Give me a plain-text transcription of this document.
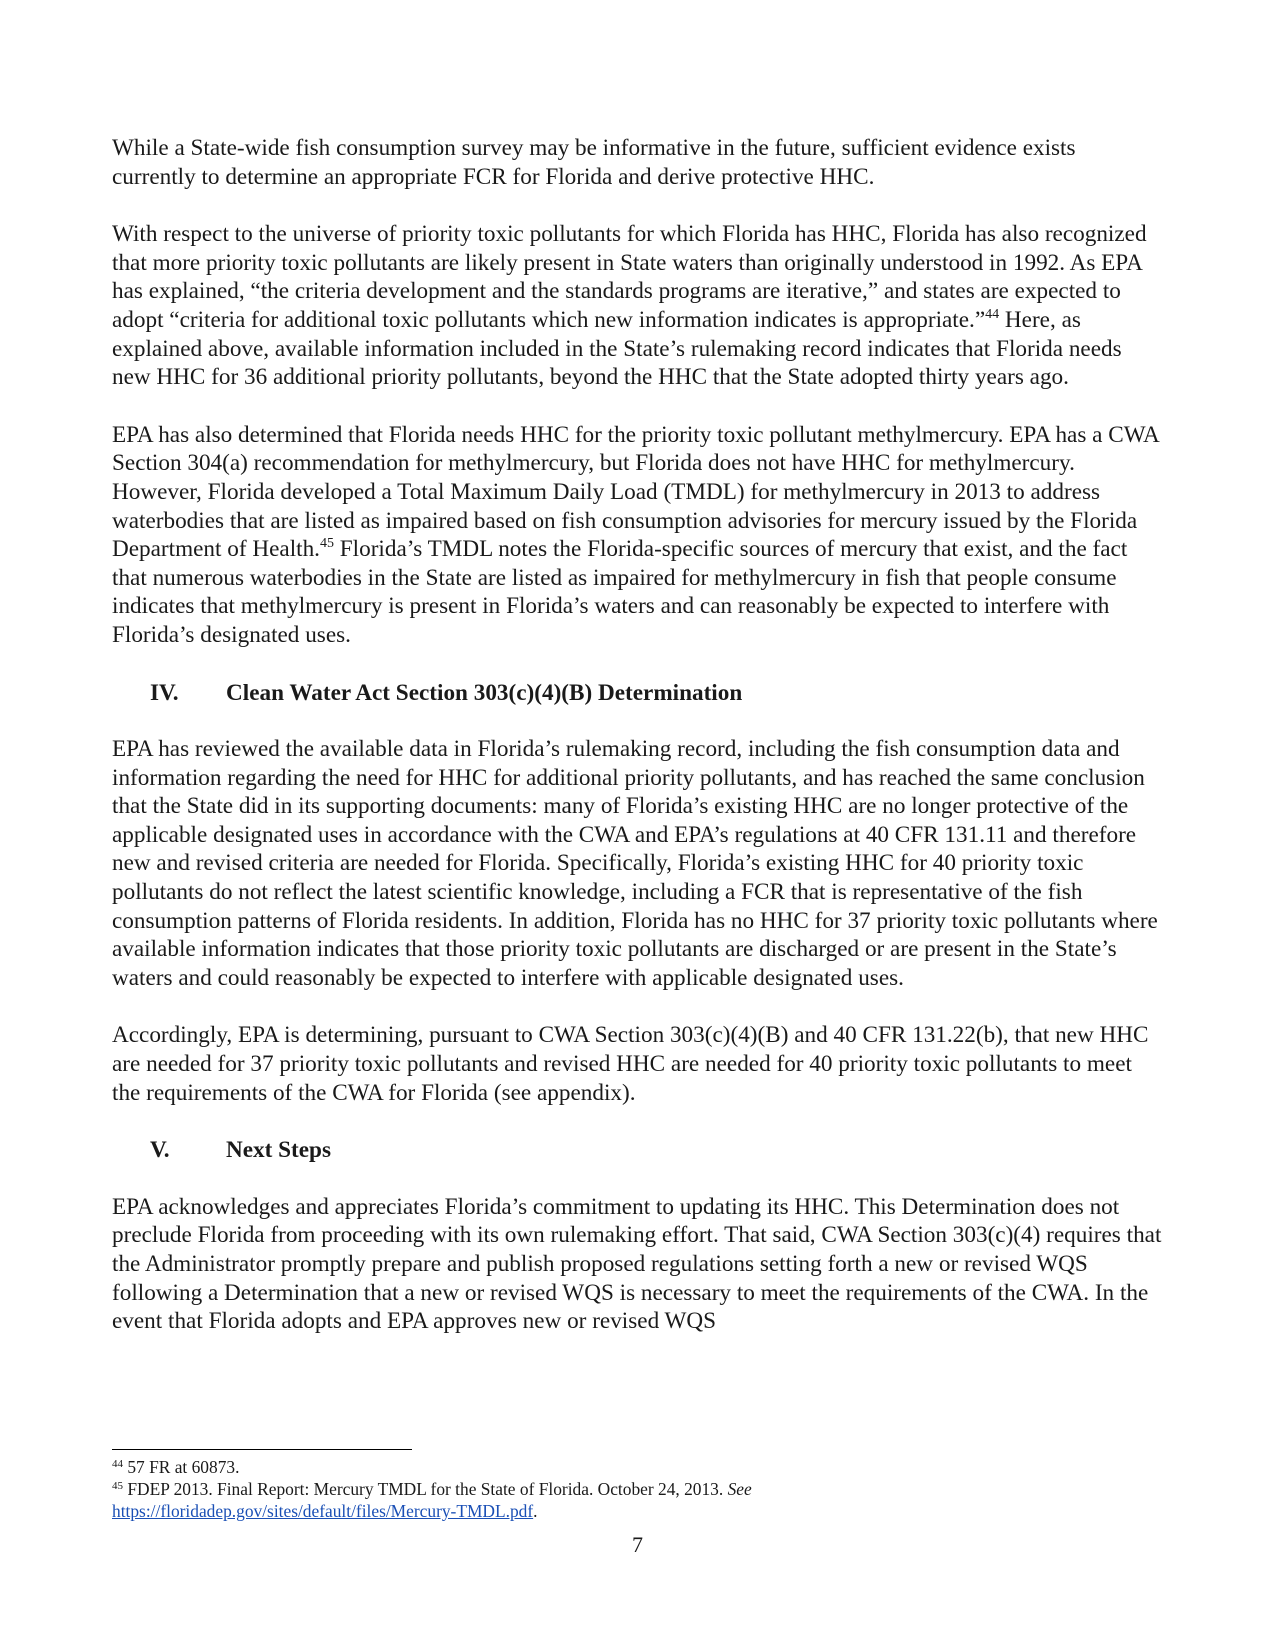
While a State-wide fish consumption survey may be informative in the future, sufficient evidence exists currently to determine an appropriate FCR for Florida and derive protective HHC.

With respect to the universe of priority toxic pollutants for which Florida has HHC, Florida has also recognized that more priority toxic pollutants are likely present in State waters than originally understood in 1992. As EPA has explained, “the criteria development and the standards programs are iterative,” and states are expected to adopt “criteria for additional toxic pollutants which new information indicates is appropriate.”$^{44}$ Here, as explained above, available information included in the State’s rulemaking record indicates that Florida needs new HHC for 36 additional priority pollutants, beyond the HHC that the State adopted thirty years ago.

EPA has also determined that Florida needs HHC for the priority toxic pollutant methylmercury. EPA has a CWA Section 304(a) recommendation for methylmercury, but Florida does not have HHC for methylmercury. However, Florida developed a Total Maximum Daily Load (TMDL) for methylmercury in 2013 to address waterbodies that are listed as impaired based on fish consumption advisories for mercury issued by the Florida Department of Health.$^{45}$ Florida’s TMDL notes the Florida-specific sources of mercury that exist, and the fact that numerous waterbodies in the State are listed as impaired for methylmercury in fish that people consume indicates that methylmercury is present in Florida’s waters and can reasonably be expected to interfere with Florida’s designated uses.

IV.	Clean Water Act Section 303(c)(4)(B) Determination

EPA has reviewed the available data in Florida’s rulemaking record, including the fish consumption data and information regarding the need for HHC for additional priority pollutants, and has reached the same conclusion that the State did in its supporting documents: many of Florida’s existing HHC are no longer protective of the applicable designated uses in accordance with the CWA and EPA’s regulations at 40 CFR 131.11 and therefore new and revised criteria are needed for Florida. Specifically, Florida’s existing HHC for 40 priority toxic pollutants do not reflect the latest scientific knowledge, including a FCR that is representative of the fish consumption patterns of Florida residents. In addition, Florida has no HHC for 37 priority toxic pollutants where available information indicates that those priority toxic pollutants are discharged or are present in the State’s waters and could reasonably be expected to interfere with applicable designated uses.

Accordingly, EPA is determining, pursuant to CWA Section 303(c)(4)(B) and 40 CFR 131.22(b), that new HHC are needed for 37 priority toxic pollutants and revised HHC are needed for 40 priority toxic pollutants to meet the requirements of the CWA for Florida (see appendix).

V.	Next Steps

EPA acknowledges and appreciates Florida’s commitment to updating its HHC. This Determination does not preclude Florida from proceeding with its own rulemaking effort. That said, CWA Section 303(c)(4) requires that the Administrator promptly prepare and publish proposed regulations setting forth a new or revised WQS following a Determination that a new or revised WQS is necessary to meet the requirements of the CWA. In the event that Florida adopts and EPA approves new or revised WQS

$^{44}$ 57 FR at 60873.

$^{45}$ FDEP 2013. Final Report: Mercury TMDL for the State of Florida. October 24, 2013. See
https://floridadep.gov/sites/default/files/Mercury-TMDL.pdf.

7
